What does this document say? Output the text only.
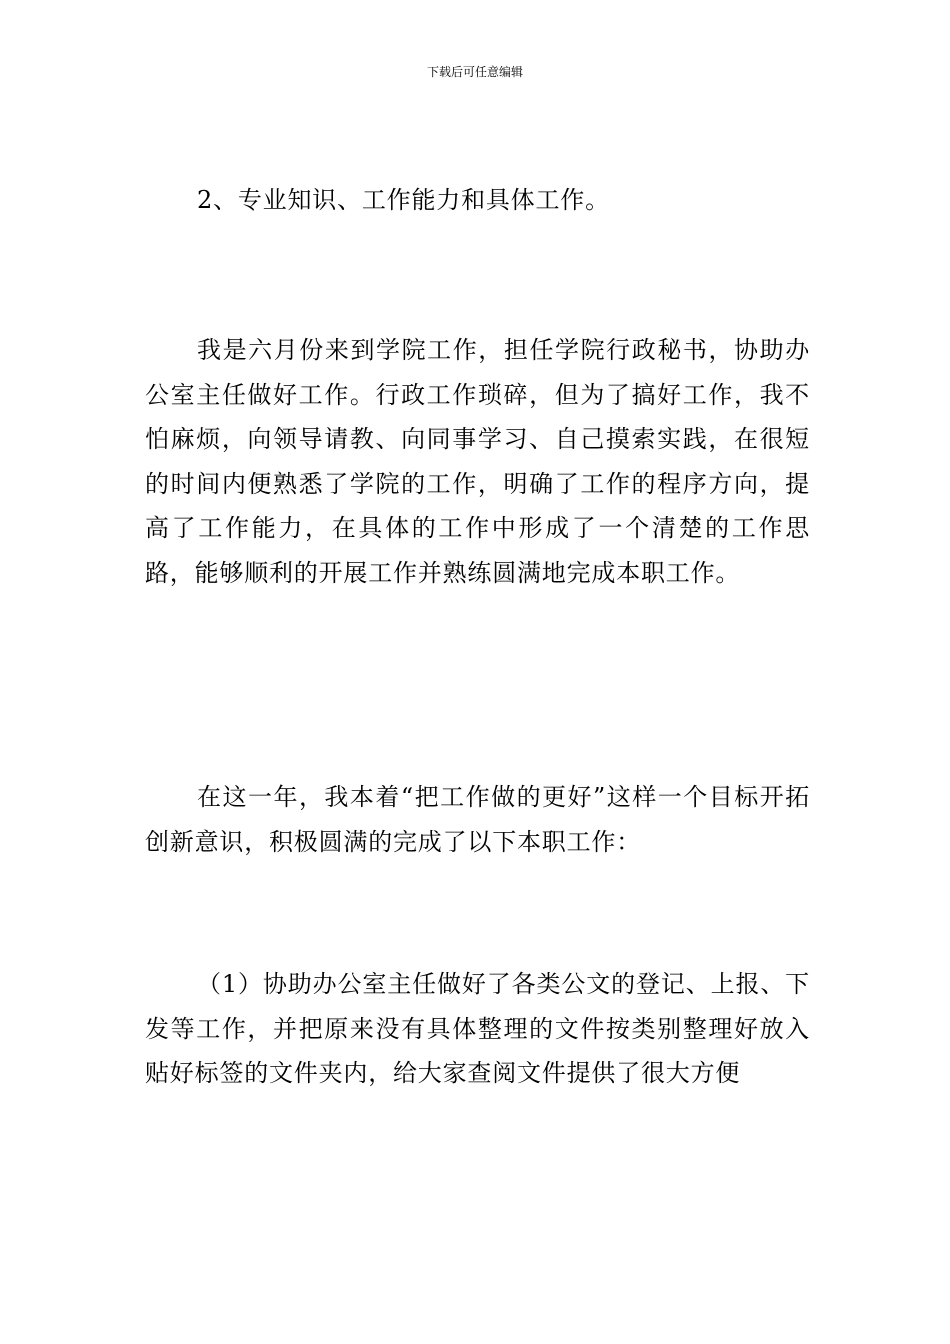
下载后可任意编辑

2、专业知识、工作能力和具体工作。

我是六月份来到学院工作，担任学院行政秘书，协助办公室主任做好工作。行政工作琐碎，但为了搞好工作，我不怕麻烦，向领导请教、向同事学习、自己摸索实践，在很短的时间内便熟悉了学院的工作，明确了工作的程序方向，提高了工作能力，在具体的工作中形成了一个清楚的工作思路，能够顺利的开展工作并熟练圆满地完成本职工作。

在这一年，我本着“把工作做的更好”这样一个目标开拓创新意识，积极圆满的完成了以下本职工作：

（1）协助办公室主任做好了各类公文的登记、上报、下发等工作，并把原来没有具体整理的文件按类别整理好放入贴好标签的文件夹内，给大家查阅文件提供了很大方便
